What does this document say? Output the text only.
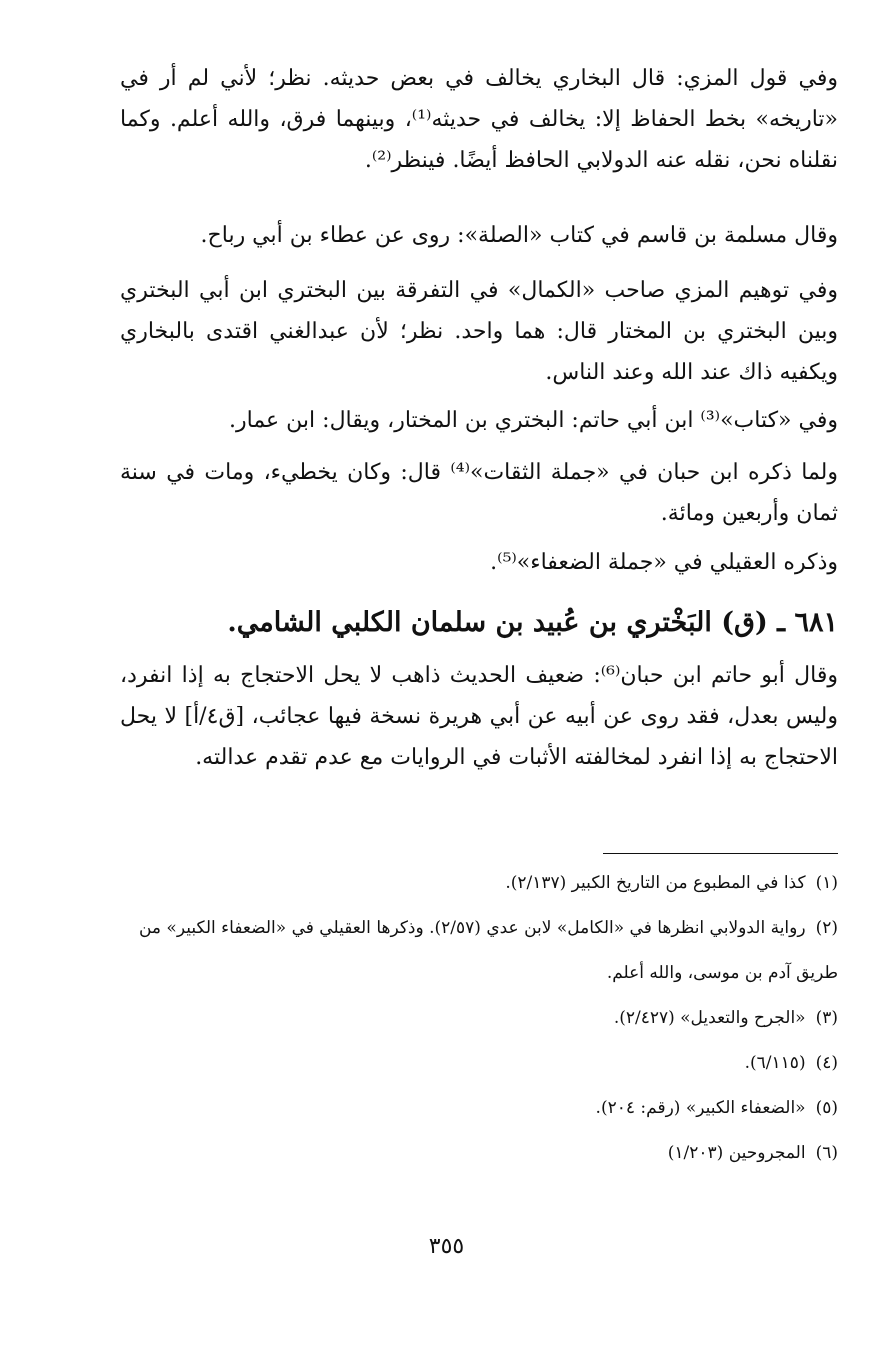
وفي قول المزي: قال البخاري يخالف في بعض حديثه. نظر؛ لأني لم أر في «تاريخه» بخط الحفاظ إلا: يخالف في حديثه⁽¹⁾، وبينهما فرق، والله أعلم. وكما نقلناه نحن، نقله عنه الدولابي الحافظ أيضًا. فينظر⁽²⁾.

وقال مسلمة بن قاسم في كتاب «الصلة»: روى عن عطاء بن أبي رباح.

وفي توهيم المزي صاحب «الكمال» في التفرقة بين البختري ابن أبي البختري وبين البختري بن المختار قال: هما واحد. نظر؛ لأن عبدالغني اقتدى بالبخاري ويكفيه ذاك عند الله وعند الناس.

وفي «كتاب»⁽³⁾ ابن أبي حاتم: البختري بن المختار، ويقال: ابن عمار.

ولما ذكره ابن حبان في «جملة الثقات»⁽⁴⁾ قال: وكان يخطيء، ومات في سنة ثمان وأربعين ومائة.

وذكره العقيلي في «جملة الضعفاء»⁽⁵⁾.

٦٨١ ـ (ق) البَخْتري بن عُبيد بن سلمان الكلبي الشامي.

وقال أبو حاتم ابن حبان⁽⁶⁾: ضعيف الحديث ذاهب لا يحل الاحتجاج به إذا انفرد، وليس بعدل، فقد روى عن أبيه عن أبي هريرة نسخة فيها عجائب، [ق٤/أ] لا يحل الاحتجاج به إذا انفرد لمخالفته الأثبات في الروايات مع عدم تقدم عدالته.

(١)كذا في المطبوع من التاريخ الكبير (٢/١٣٧).
(٢)رواية الدولابي انظرها في «الكامل» لابن عدي (٢/٥٧). وذكرها العقيلي في «الضعفاء الكبير» من طريق آدم بن موسى، والله أعلم.
(٣)«الجرح والتعديل» (٢/٤٢٧).
(٤)(٦/١١٥).
(٥)«الضعفاء الكبير» (رقم: ٢٠٤).
(٦)المجروحين (١/٢٠٣)
٣٥٥
